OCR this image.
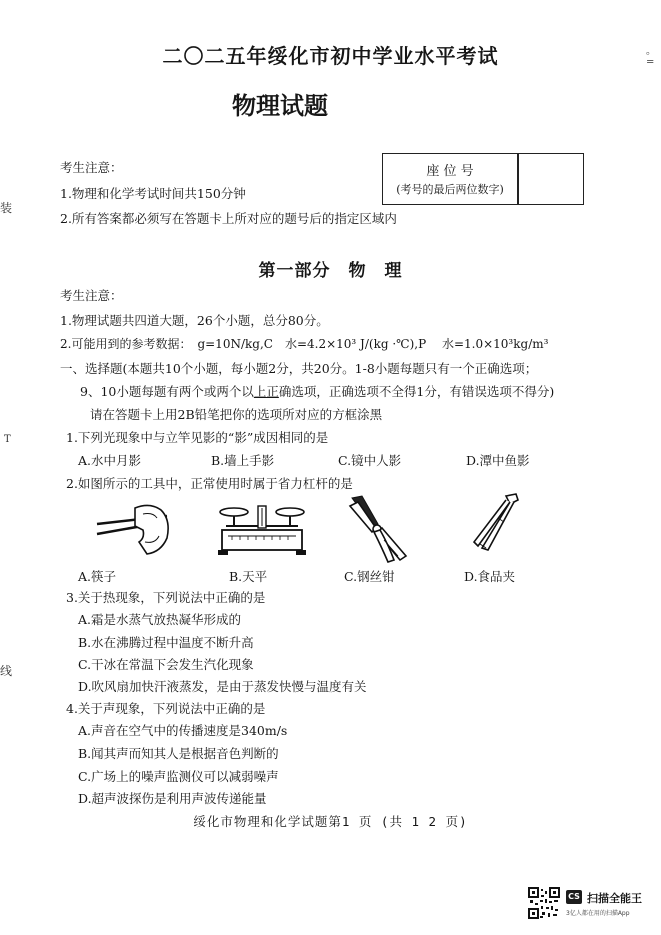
装
T
线
。=
二〇二五年绥化市初中学业水平考试
物理试题
考生注意：
1.物理和化学考试时间共150分钟
2.所有答案都必须写在答题卡上所对应的题号后的指定区域内
座 位 号
(考号的最后两位数字)
第一部分　物　理
考生注意：
1.物理试题共四道大题，26个小题，总分80分。
2.可能用到的参考数据：　g=10N/kg,C　水=4.2×10³ J/(kg ·℃),P　 水=1.0×10³kg/m³
一、选择题(本题共10个小题，每小题2分，共20分。1-8小题每题只有一个正确选项；
9、10小题每题有两个或两个以上正确选项，正确选项不全得1分，有错误选项不得分)
请在答题卡上用2B铅笔把你的选项所对应的方框涂黑
1.下列光现象中与立竿见影的“影”成因相同的是
A.水中月影	B.墙上手影	C.镜中人影	D.潭中鱼影
2.如图所示的工具中，正常使用时属于省力杠杆的是
A.筷子	B.天平	C.钢丝钳	D.食品夹
3.关于热现象，下列说法中正确的是
A.霜是水蒸气放热凝华形成的
B.水在沸腾过程中温度不断升高
C.干冰在常温下会发生汽化现象
D.吹风扇加快汗液蒸发，是由于蒸发快慢与温度有关
4.关于声现象，下列说法中正确的是
A.声音在空气中的传播速度是340m/s
B.闻其声而知其人是根据音色判断的
C.广场上的噪声监测仪可以减弱噪声
D.超声波探伤是利用声波传递能量
绥化市物理和化学试题第1 页 (共 1 2 页)
CS 扫描全能王
3亿人都在用的扫描App
